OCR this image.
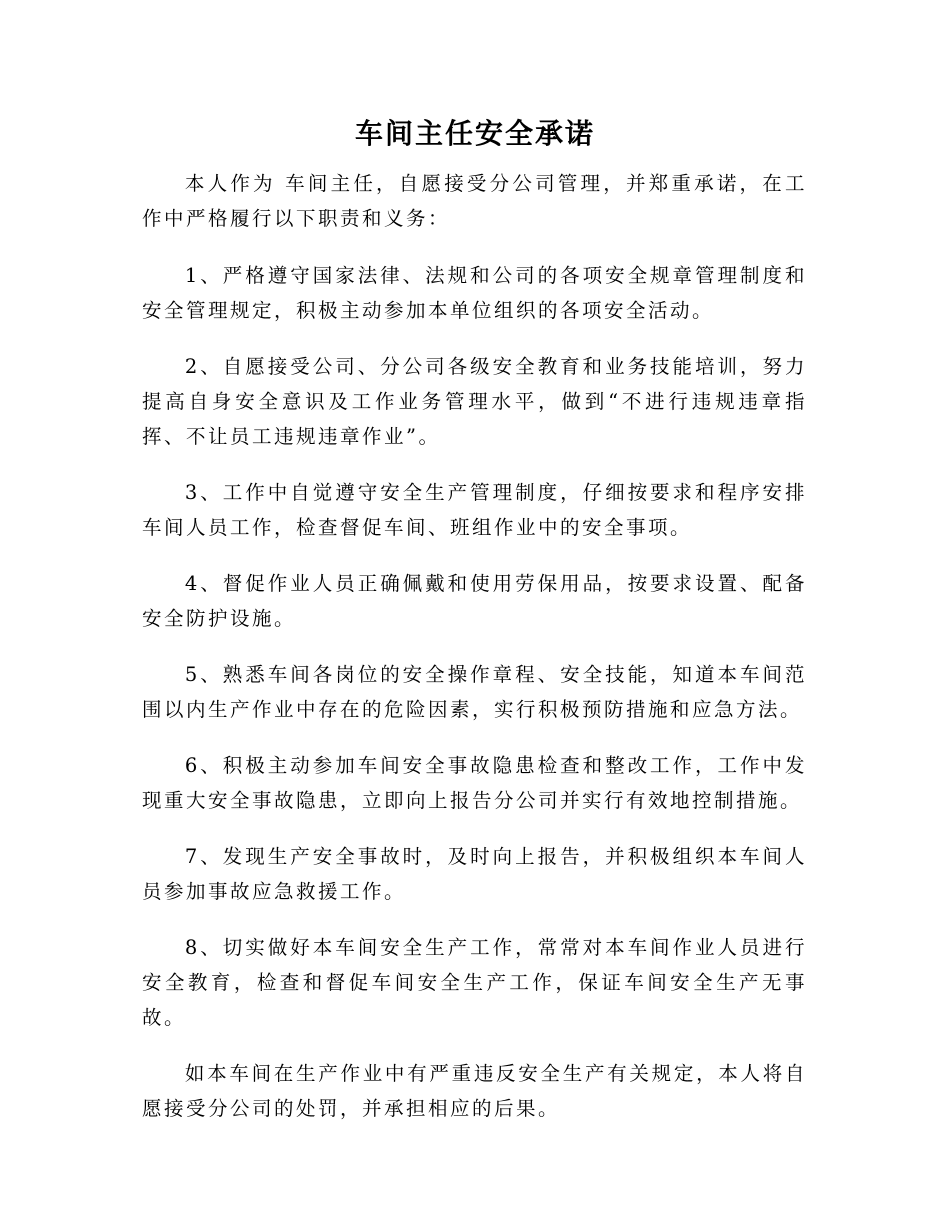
车间主任安全承诺

本人作为 车间主任，自愿接受分公司管理，并郑重承诺，在工作中严格履行以下职责和义务：

1、严格遵守国家法律、法规和公司的各项安全规章管理制度和安全管理规定，积极主动参加本单位组织的各项安全活动。

2、自愿接受公司、分公司各级安全教育和业务技能培训，努力提高自身安全意识及工作业务管理水平，做到“不进行违规违章指挥、不让员工违规违章作业”。

3、工作中自觉遵守安全生产管理制度，仔细按要求和程序安排车间人员工作，检查督促车间、班组作业中的安全事项。

4、督促作业人员正确佩戴和使用劳保用品，按要求设置、配备安全防护设施。

5、熟悉车间各岗位的安全操作章程、安全技能，知道本车间范围以内生产作业中存在的危险因素，实行积极预防措施和应急方法。

6、积极主动参加车间安全事故隐患检查和整改工作，工作中发现重大安全事故隐患，立即向上报告分公司并实行有效地控制措施。

7、发现生产安全事故时，及时向上报告，并积极组织本车间人员参加事故应急救援工作。

8、切实做好本车间安全生产工作，常常对本车间作业人员进行安全教育，检查和督促车间安全生产工作，保证车间安全生产无事故。

如本车间在生产作业中有严重违反安全生产有关规定，本人将自愿接受分公司的处罚，并承担相应的后果。
